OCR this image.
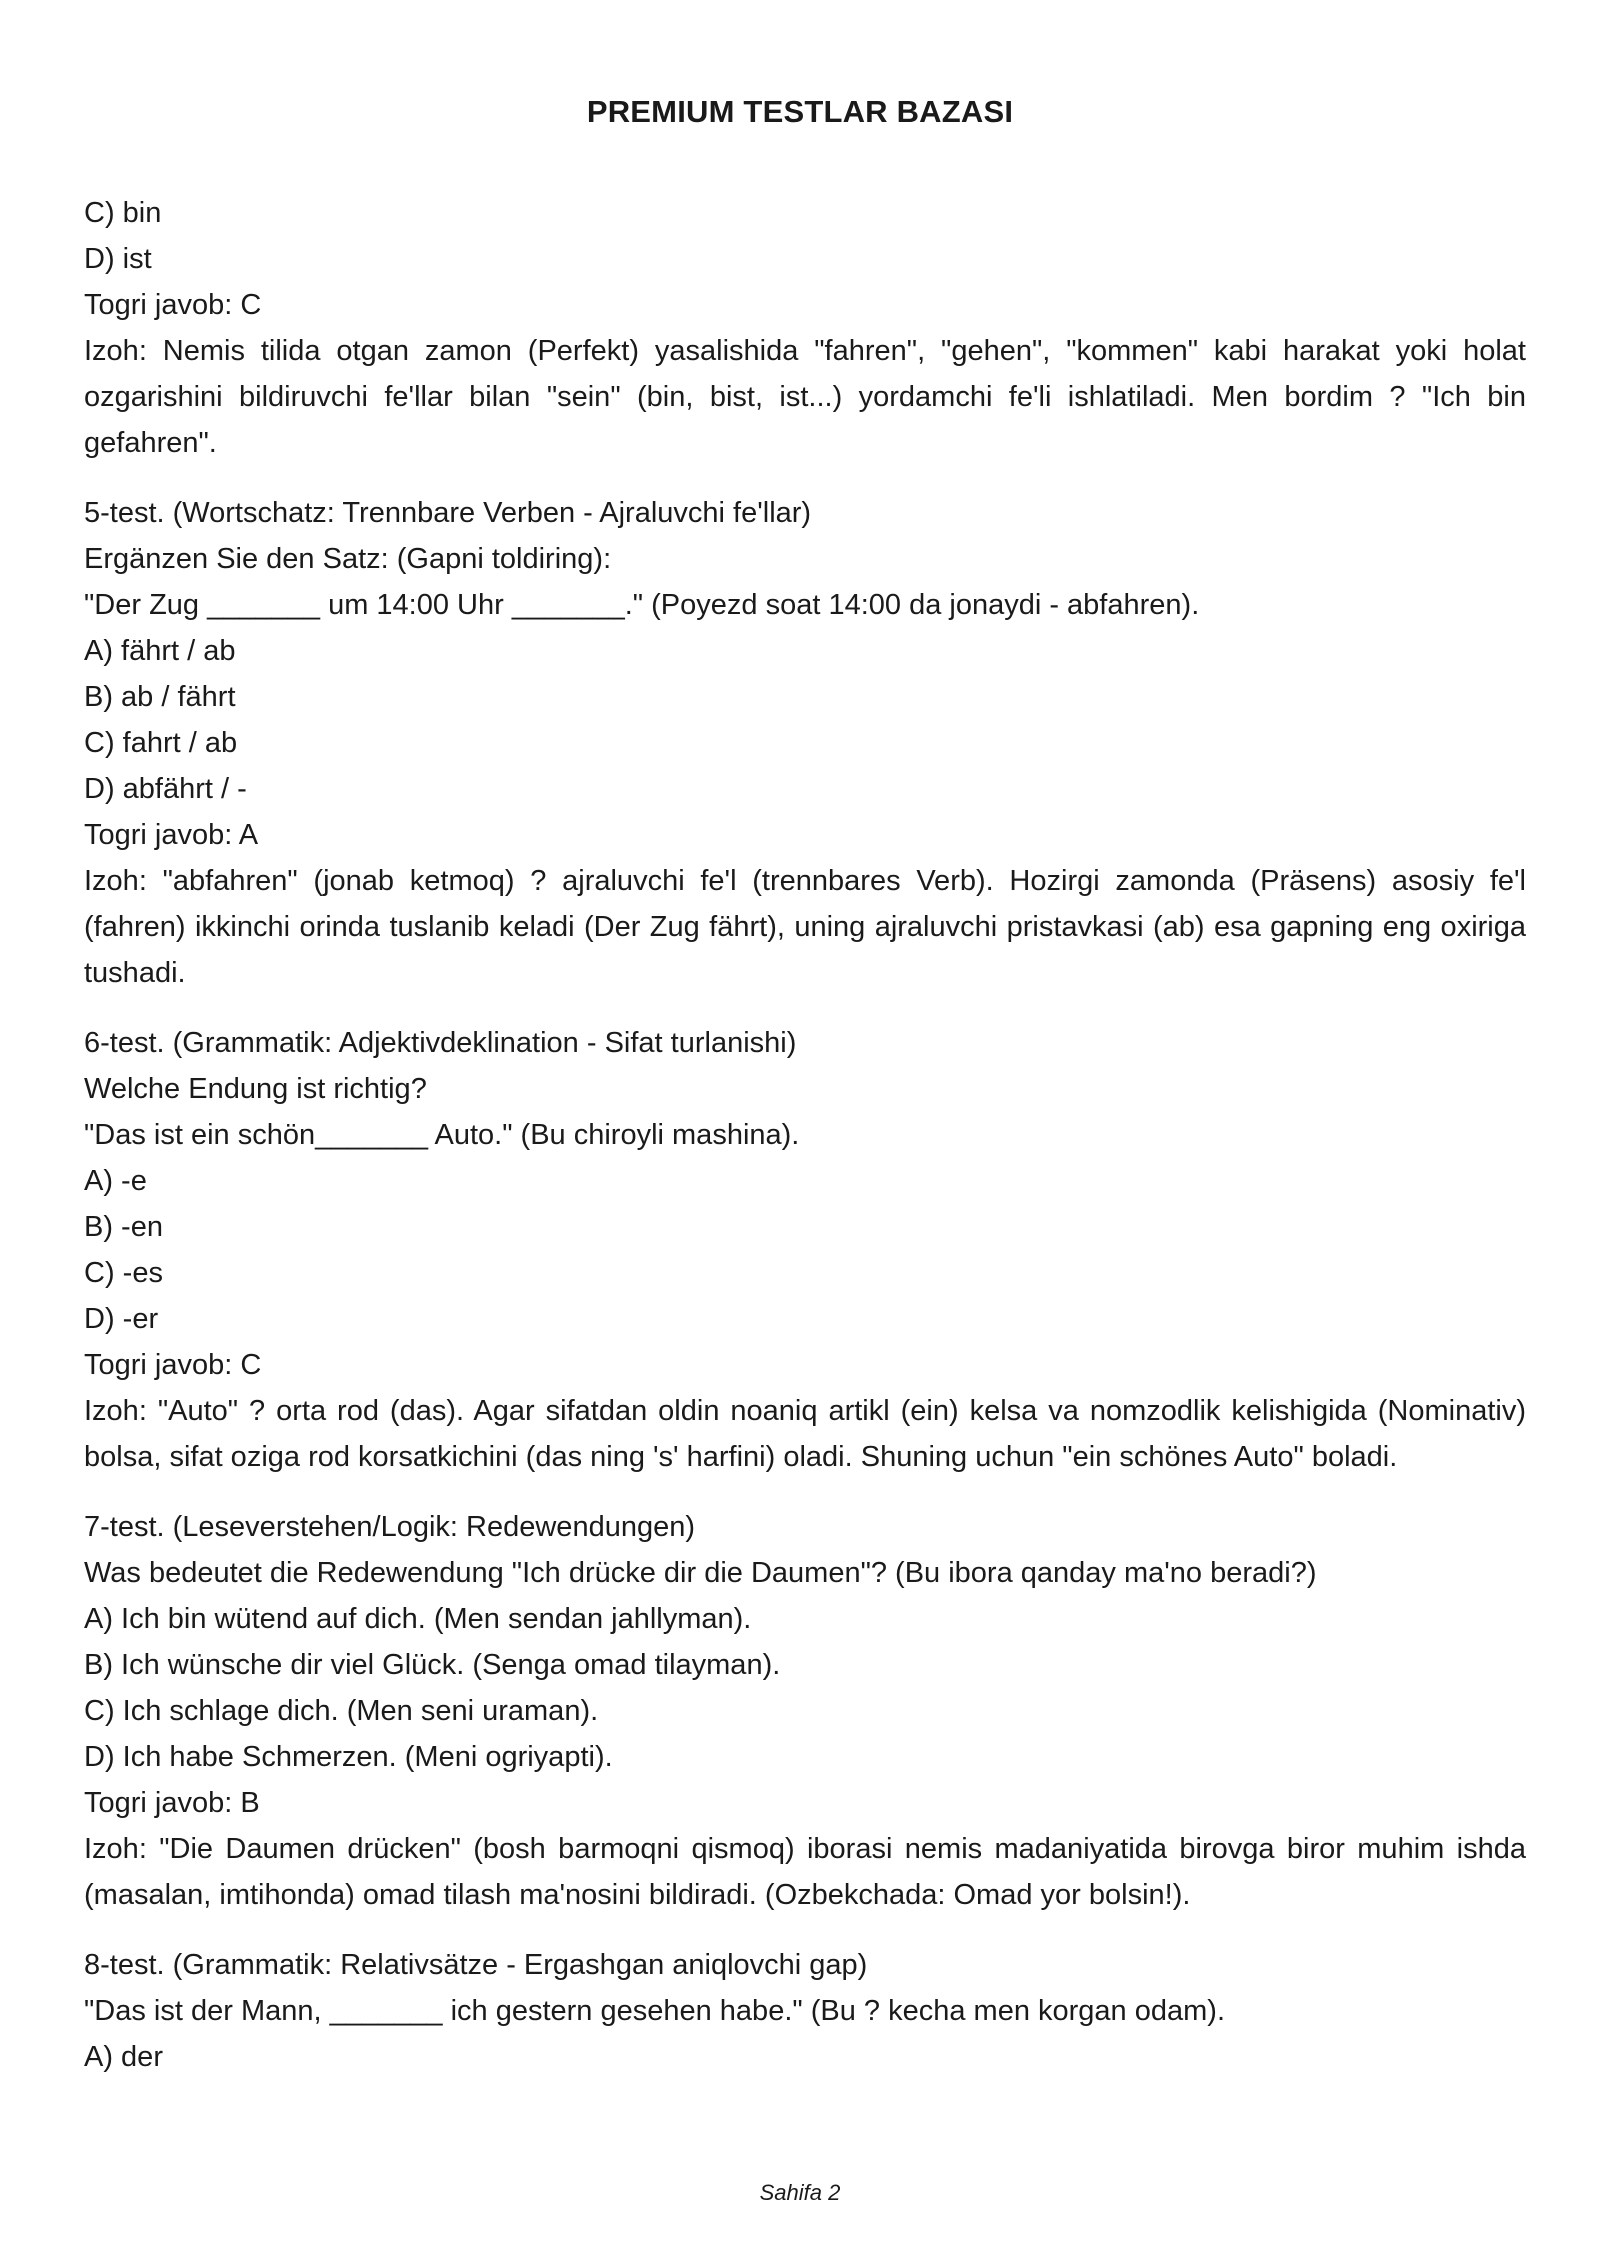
PREMIUM TESTLAR BAZASI
C) bin
D) ist
Togri javob: C
Izoh: Nemis tilida otgan zamon (Perfekt) yasalishida "fahren", "gehen", "kommen" kabi harakat yoki holat ozgarishini bildiruvchi fe'llar bilan "sein" (bin, bist, ist...) yordamchi fe'li ishlatiladi. Men bordim ? "Ich bin gefahren".
5-test. (Wortschatz: Trennbare Verben - Ajraluvchi fe'llar)
Ergänzen Sie den Satz: (Gapni toldiring):
"Der Zug _______ um 14:00 Uhr _______." (Poyezd soat 14:00 da jonaydi - abfahren).
A) fährt / ab
B) ab / fährt
C) fahrt / ab
D) abfährt / -
Togri javob: A
Izoh: "abfahren" (jonab ketmoq) ? ajraluvchi fe'l (trennbares Verb). Hozirgi zamonda (Präsens) asosiy fe'l (fahren) ikkinchi orinda tuslanib keladi (Der Zug fährt), uning ajraluvchi pristavkasi (ab) esa gapning eng oxiriga tushadi.
6-test. (Grammatik: Adjektivdeklination - Sifat turlanishi)
Welche Endung ist richtig?
"Das ist ein schön_______ Auto." (Bu chiroyli mashina).
A) -e
B) -en
C) -es
D) -er
Togri javob: C
Izoh: "Auto" ? orta rod (das). Agar sifatdan oldin noaniq artikl (ein) kelsa va nomzodlik kelishigida (Nominativ) bolsa, sifat oziga rod korsatkichini (das ning 's' harfini) oladi. Shuning uchun "ein schönes Auto" boladi.
7-test. (Leseverstehen/Logik: Redewendungen)
Was bedeutet die Redewendung "Ich drücke dir die Daumen"? (Bu ibora qanday ma'no beradi?)
A) Ich bin wütend auf dich. (Men sendan jahllyman).
B) Ich wünsche dir viel Glück. (Senga omad tilayman).
C) Ich schlage dich. (Men seni uraman).
D) Ich habe Schmerzen. (Meni ogriyapti).
Togri javob: B
Izoh: "Die Daumen drücken" (bosh barmoqni qismoq) iborasi nemis madaniyatida birovga biror muhim ishda (masalan, imtihonda) omad tilash ma'nosini bildiradi. (Ozbekchada: Omad yor bolsin!).
8-test. (Grammatik: Relativsätze - Ergashgan aniqlovchi gap)
"Das ist der Mann, _______ ich gestern gesehen habe." (Bu ? kecha men korgan odam).
A) der
Sahifa 2
